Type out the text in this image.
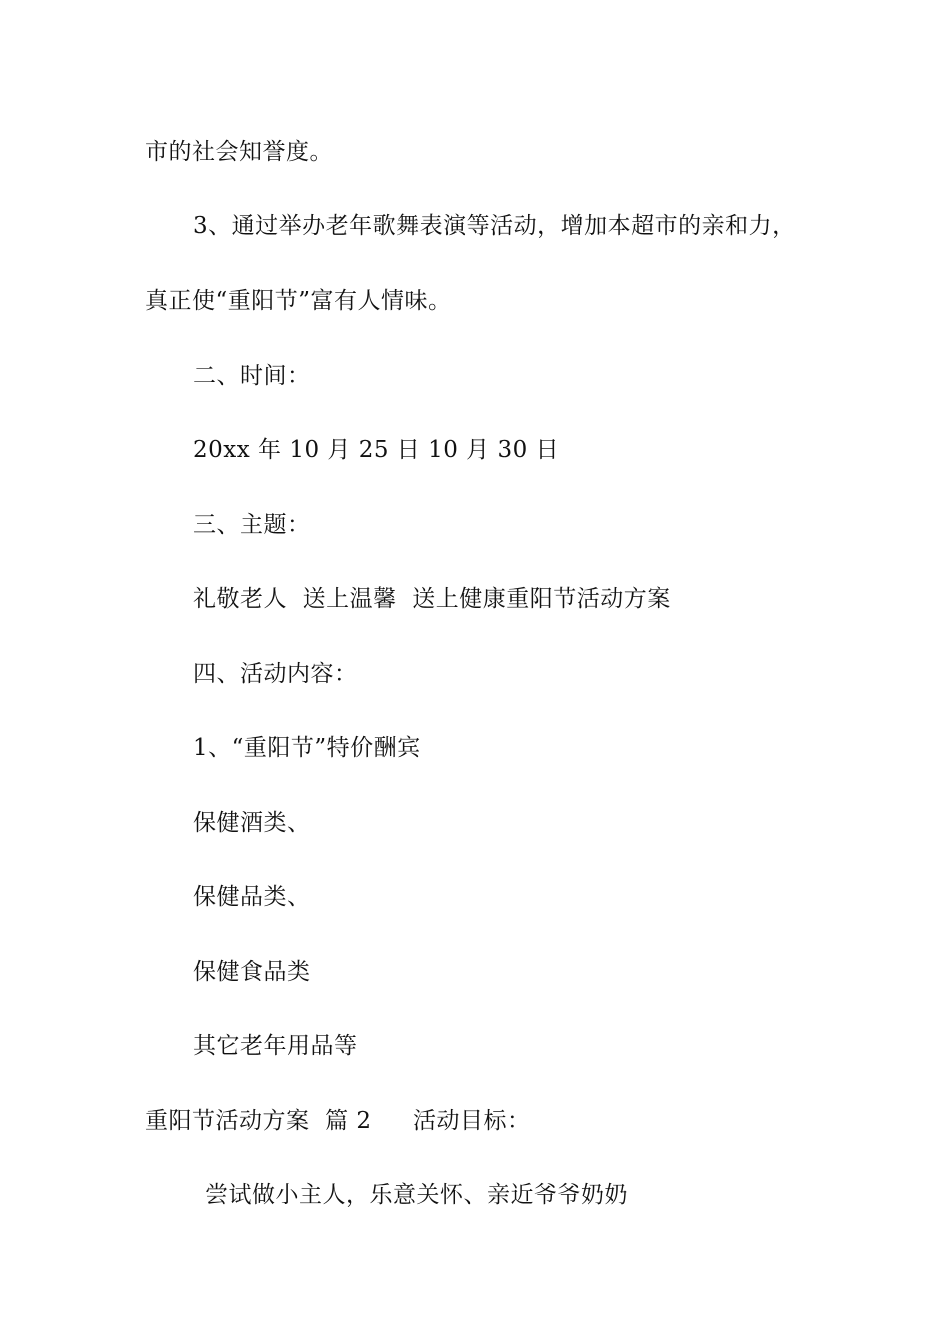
市的社会知誉度。
3、通过举办老年歌舞表演等活动，增加本超市的亲和力，
真正使“重阳节”富有人情味。
二、时间：
20xx 年 10 月 25 日 10 月 30 日
三、主题：
礼敬老人  送上温馨  送上健康重阳节活动方案
四、活动内容：
1、“重阳节”特价酬宾
保健酒类、
保健品类、
保健食品类
其它老年用品等
重阳节活动方案  篇 2 活动目标：
尝试做小主人，乐意关怀、亲近爷爷奶奶
